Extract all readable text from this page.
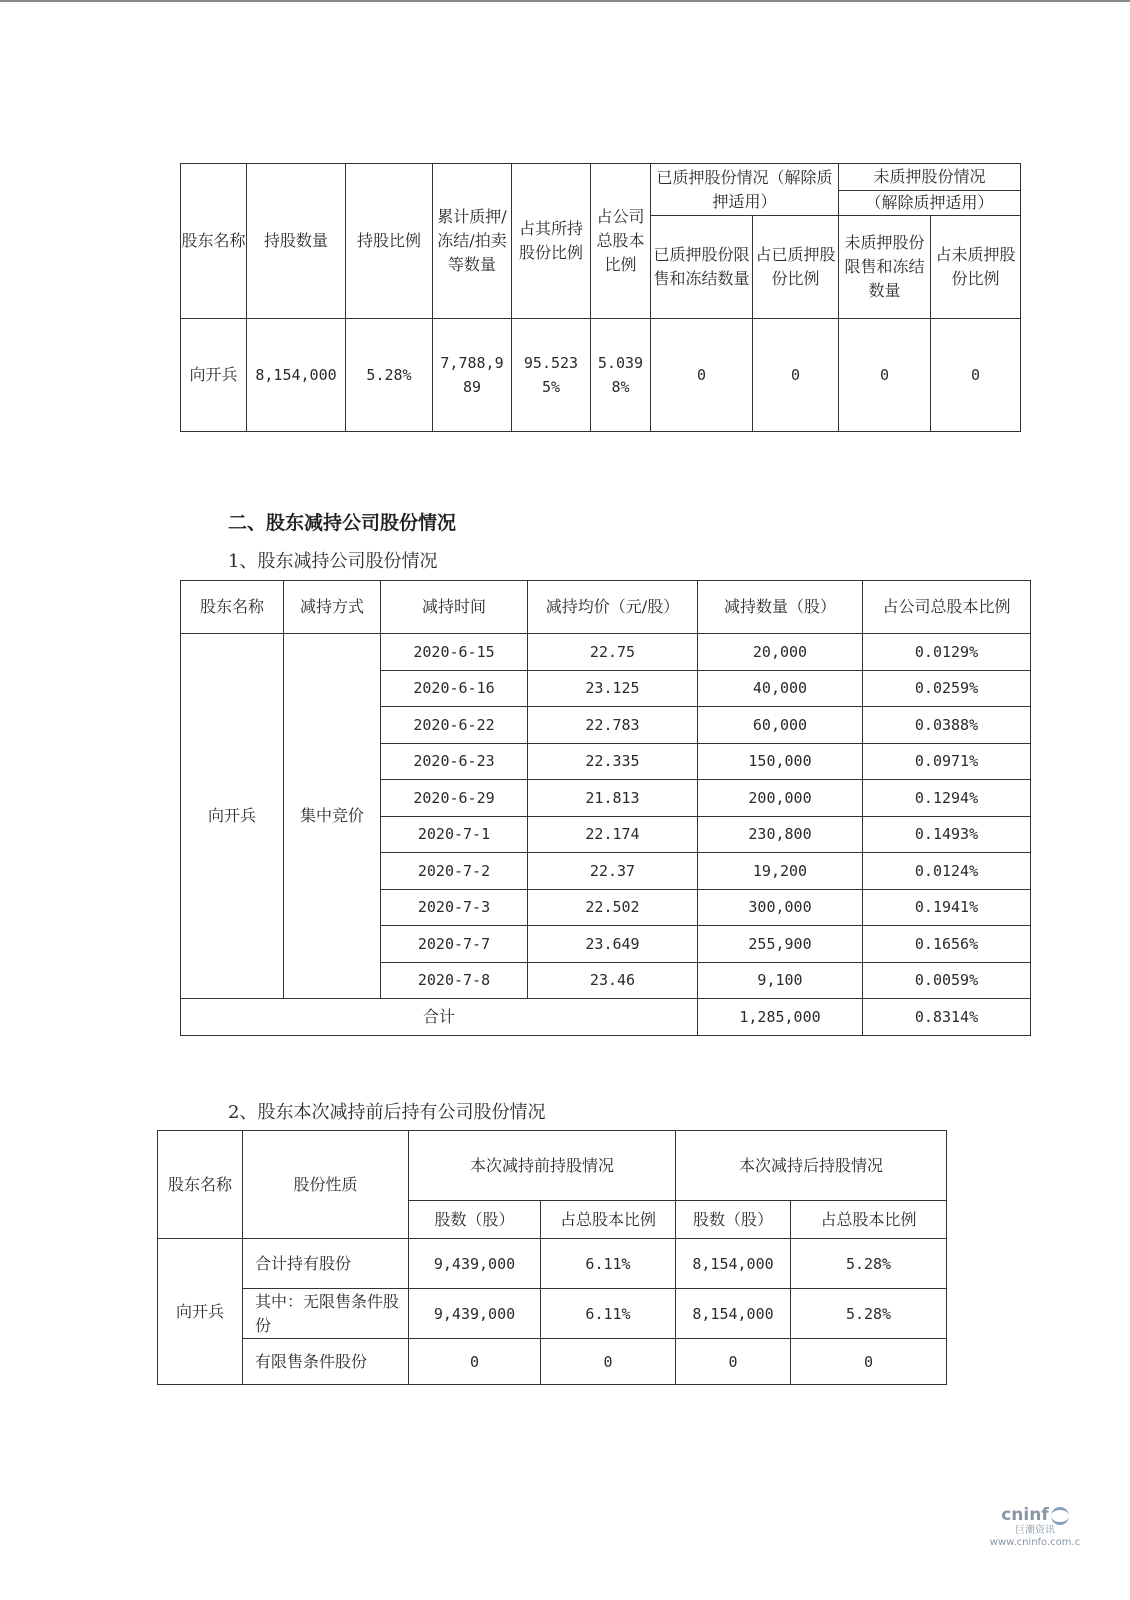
股东名称	持股数量	持股比例	累计质押/冻结/拍卖等数量	占其所持股份比例	占公司总股本比例	已质押股份情况（解除质押适用）		未质押股份情况	
								（解除质押适用）	
						已质押股份限售和冻结数量	占已质押股份比例	未质押股份限售和冻结数量	占未质押股份比例
向开兵	8,154,000	5.28%	7,788,989	95.5235%	5.0398%	0	0	0	0
二、股东减持公司股份情况
1、股东减持公司股份情况
股东名称	减持方式	减持时间	减持均价（元/股）	减持数量（股）	占公司总股本比例
向开兵	集中竞价	2020-6-15	22.75	20,000	0.0129%
		2020-6-16	23.125	40,000	0.0259%
		2020-6-22	22.783	60,000	0.0388%
		2020-6-23	22.335	150,000	0.0971%
		2020-6-29	21.813	200,000	0.1294%
		2020-7-1	22.174	230,800	0.1493%
		2020-7-2	22.37	19,200	0.0124%
		2020-7-3	22.502	300,000	0.1941%
		2020-7-7	23.649	255,900	0.1656%
		2020-7-8	23.46	9,100	0.0059%
合计				1,285,000	0.8314%
2、股东本次减持前后持有公司股份情况
股东名称	股份性质	本次减持前持股情况		本次减持后持股情况	
		股数（股）	占总股本比例	股数（股）	占总股本比例
向开兵	合计持有股份	9,439,000	6.11%	8,154,000	5.28%
	其中：无限售条件股份	9,439,000	6.11%	8,154,000	5.28%
	有限售条件股份	0	0	0	0
cninf
巨潮资讯
www.cninfo.com.c
